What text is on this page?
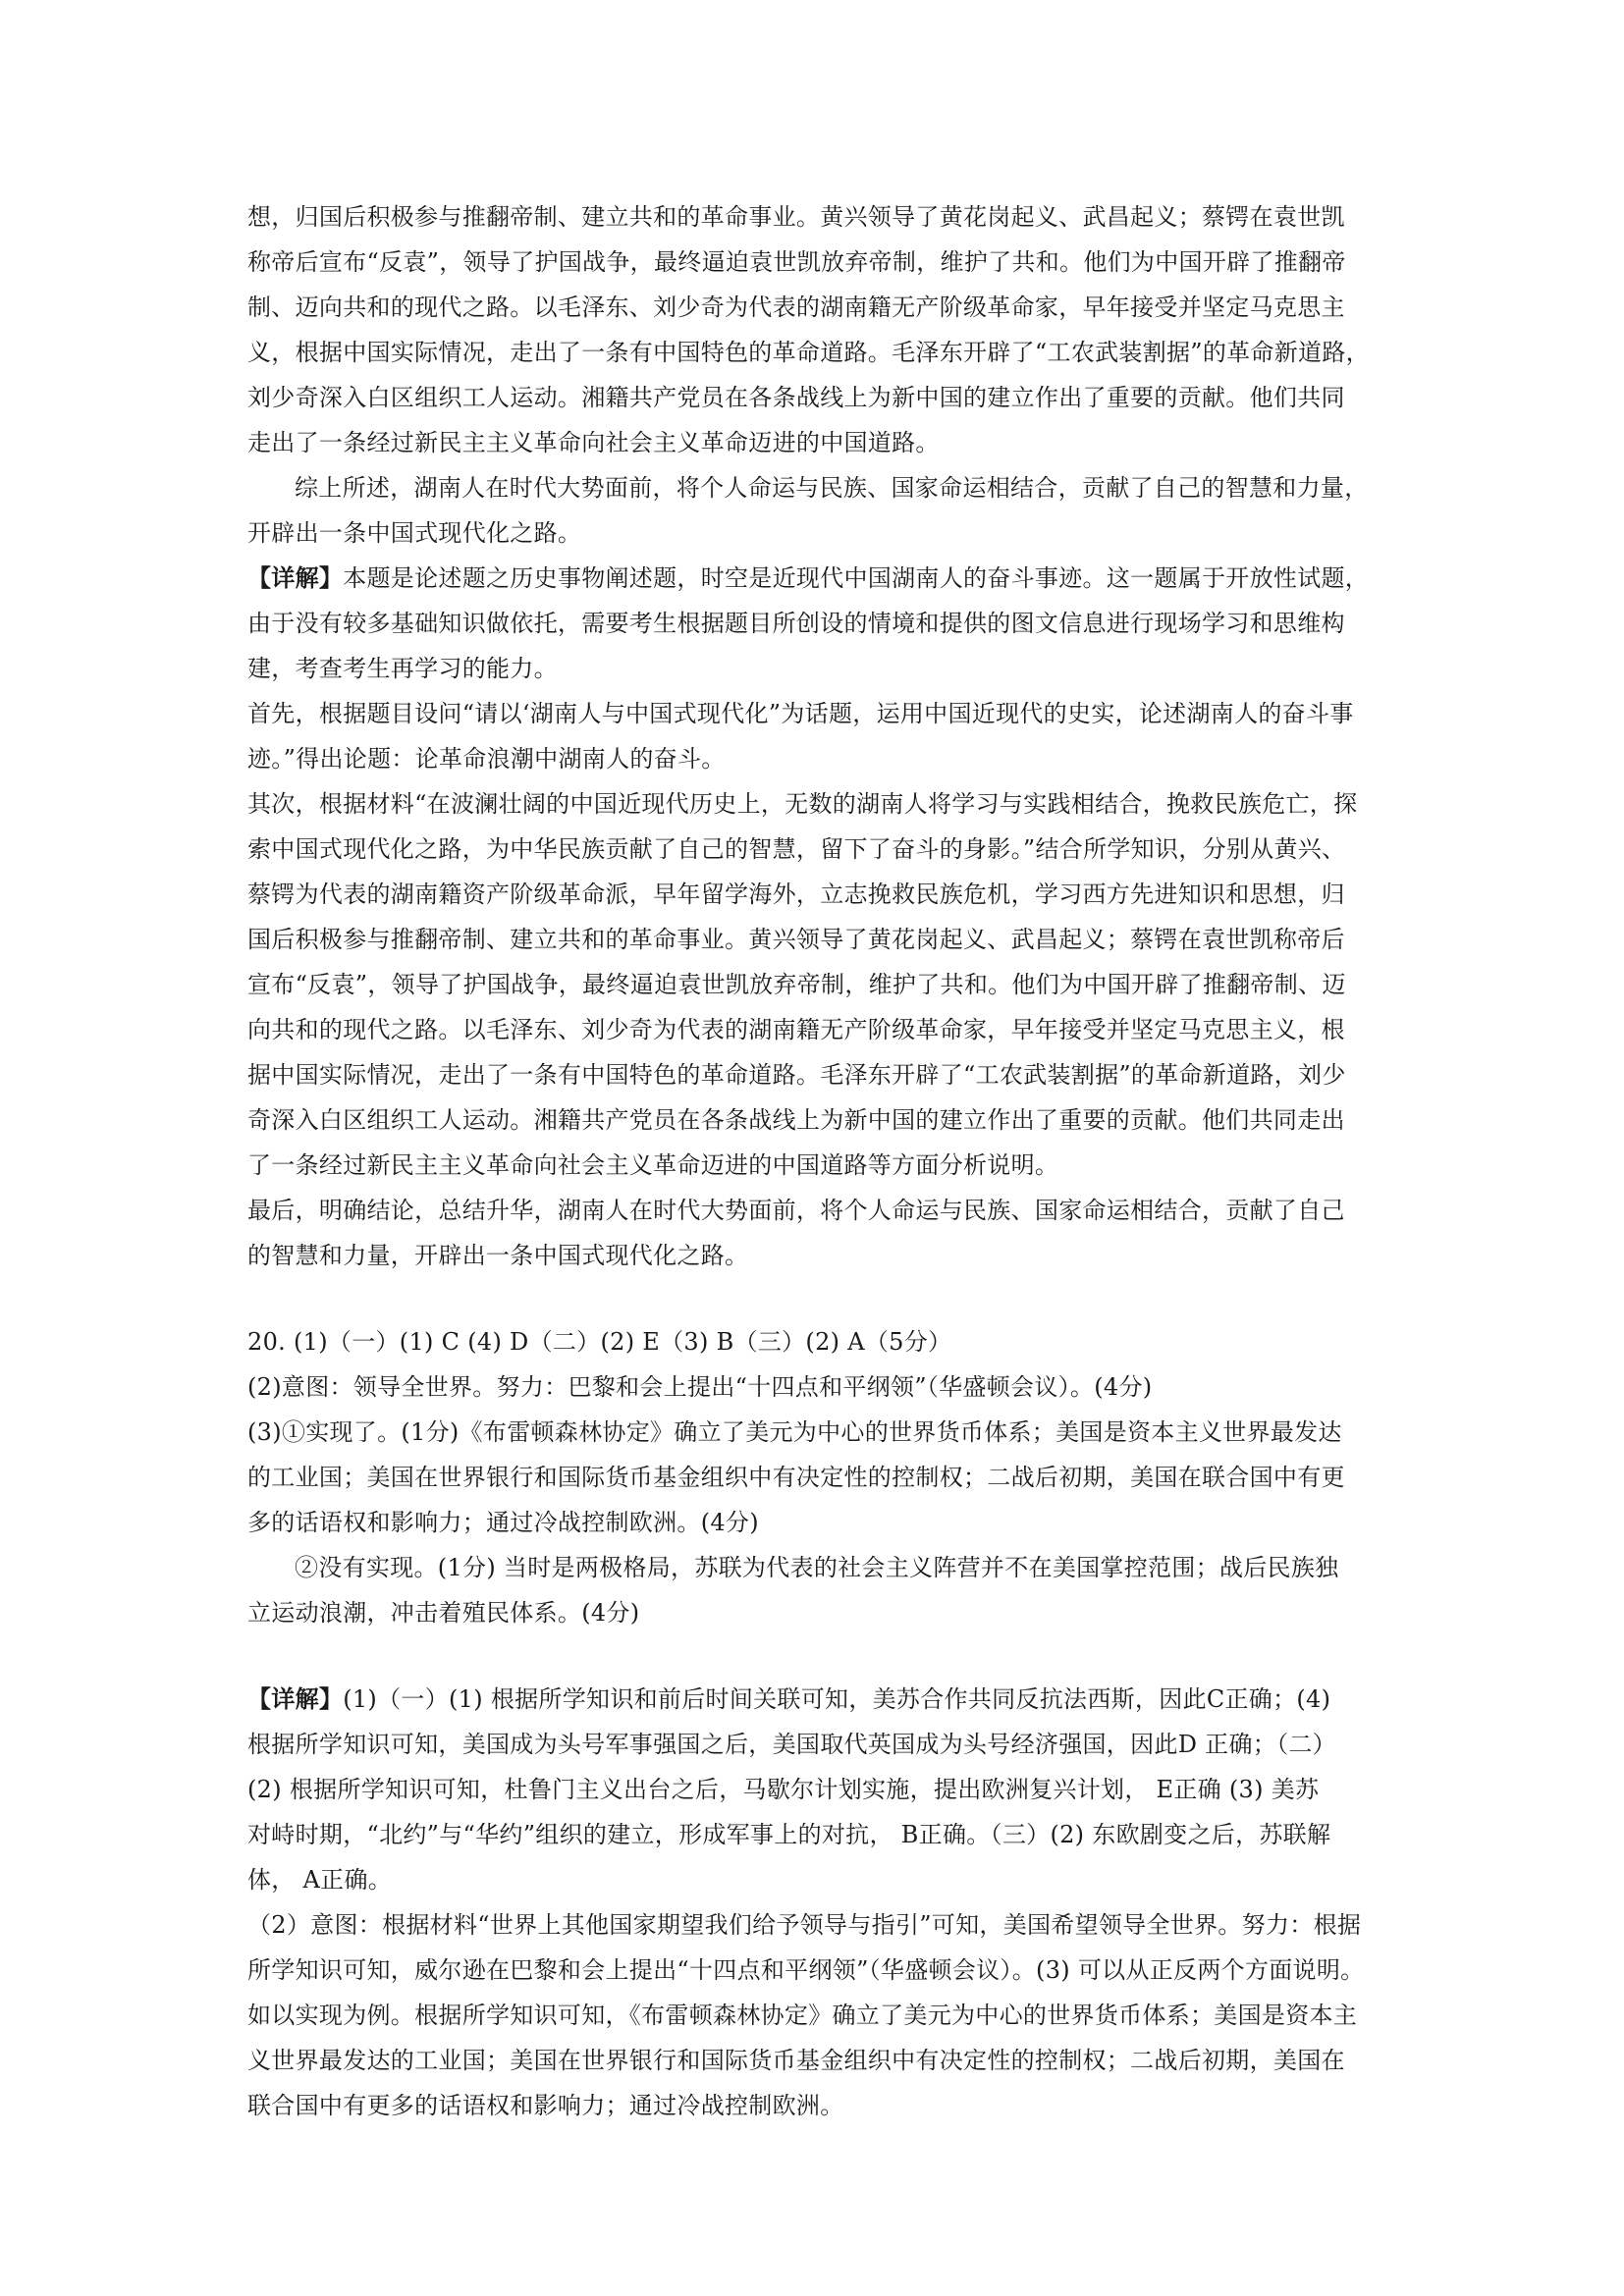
想，归国后积极参与推翻帝制、建立共和的革命事业。黄兴领导了黄花岗起义、武昌起义；蔡锷在袁世凯
称帝后宣布“反袁”，领导了护国战争，最终逼迫袁世凯放弃帝制，维护了共和。他们为中国开辟了推翻帝
制、迈向共和的现代之路。以毛泽东、刘少奇为代表的湖南籍无产阶级革命家，早年接受并坚定马克思主
义，根据中国实际情况，走出了一条有中国特色的革命道路。毛泽东开辟了“工农武装割据”的革命新道路，
刘少奇深入白区组织工人运动。湘籍共产党员在各条战线上为新中国的建立作出了重要的贡献。他们共同
走出了一条经过新民主主义革命向社会主义革命迈进的中国道路。
综上所述，湖南人在时代大势面前，将个人命运与民族、国家命运相结合，贡献了自己的智慧和力量，
开辟出一条中国式现代化之路。
【详解】本题是论述题之历史事物阐述题，时空是近现代中国湖南人的奋斗事迹。这一题属于开放性试题，
由于没有较多基础知识做依托，需要考生根据题目所创设的情境和提供的图文信息进行现场学习和思维构
建，考查考生再学习的能力。
首先，根据题目设问“请以‘湖南人与中国式现代化”为话题，运用中国近现代的史实，论述湖南人的奋斗事
迹。”得出论题：论革命浪潮中湖南人的奋斗。
其次，根据材料“在波澜壮阔的中国近现代历史上，无数的湖南人将学习与实践相结合，挽救民族危亡，探
索中国式现代化之路，为中华民族贡献了自己的智慧，留下了奋斗的身影。”结合所学知识，分别从黄兴、
蔡锷为代表的湖南籍资产阶级革命派，早年留学海外，立志挽救民族危机，学习西方先进知识和思想，归
国后积极参与推翻帝制、建立共和的革命事业。黄兴领导了黄花岗起义、武昌起义；蔡锷在袁世凯称帝后
宣布“反袁”，领导了护国战争，最终逼迫袁世凯放弃帝制，维护了共和。他们为中国开辟了推翻帝制、迈
向共和的现代之路。以毛泽东、刘少奇为代表的湖南籍无产阶级革命家，早年接受并坚定马克思主义，根
据中国实际情况，走出了一条有中国特色的革命道路。毛泽东开辟了“工农武装割据”的革命新道路，刘少
奇深入白区组织工人运动。湘籍共产党员在各条战线上为新中国的建立作出了重要的贡献。他们共同走出
了一条经过新民主主义革命向社会主义革命迈进的中国道路等方面分析说明。
最后，明确结论，总结升华，湖南人在时代大势面前，将个人命运与民族、国家命运相结合，贡献了自己
的智慧和力量，开辟出一条中国式现代化之路。
20. (1)（一）(1) C (4) D（二）(2) E（3) B（三）(2) A（5分）
(2)意图：领导全世界。努力：巴黎和会上提出“十四点和平纲领”（华盛顿会议）。(4分)
(3)①实现了。(1分)《布雷顿森林协定》确立了美元为中心的世界货币体系；美国是资本主义世界最发达
的工业国；美国在世界银行和国际货币基金组织中有决定性的控制权；二战后初期，美国在联合国中有更
多的话语权和影响力；通过冷战控制欧洲。(4分)
②没有实现。(1分) 当时是两极格局，苏联为代表的社会主义阵营并不在美国掌控范围；战后民族独
立运动浪潮，冲击着殖民体系。(4分)
【详解】(1)（一）(1) 根据所学知识和前后时间关联可知，美苏合作共同反抗法西斯，因此C正确；(4)
根据所学知识可知，美国成为头号军事强国之后，美国取代英国成为头号经济强国，因此D 正确；（二）
(2) 根据所学知识可知，杜鲁门主义出台之后，马歇尔计划实施，提出欧洲复兴计划， E正确 (3) 美苏
对峙时期，“北约”与“华约”组织的建立，形成军事上的对抗， B正确。（三）(2) 东欧剧变之后，苏联解
体， A正确。
（2）意图：根据材料“世界上其他国家期望我们给予领导与指引”可知，美国希望领导全世界。努力：根据
所学知识可知，威尔逊在巴黎和会上提出“十四点和平纲领”（华盛顿会议）。(3) 可以从正反两个方面说明。
如以实现为例。根据所学知识可知，《布雷顿森林协定》确立了美元为中心的世界货币体系；美国是资本主
义世界最发达的工业国；美国在世界银行和国际货币基金组织中有决定性的控制权；二战后初期，美国在
联合国中有更多的话语权和影响力；通过冷战控制欧洲。
